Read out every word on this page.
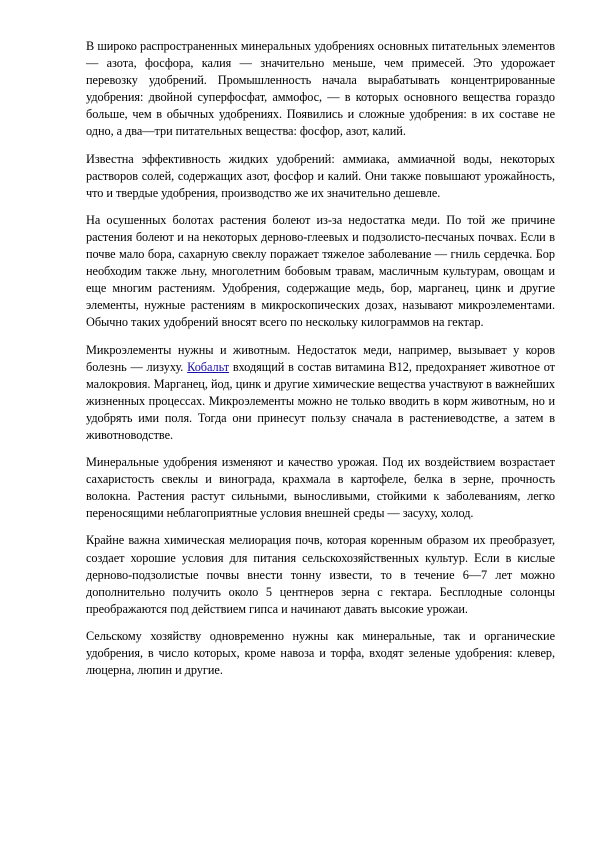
В широко распространенных минеральных удобрениях основных питательных элементов — азота, фосфора, калия — значительно меньше, чем примесей. Это удорожает перевозку удобрений. Промышленность начала вырабатывать концентрированные удобрения: двойной суперфосфат, аммофос, — в которых основного вещества гораздо больше, чем в обычных удобрениях. Появились и сложные удобрения: в их составе не одно, а два—три питательных вещества: фосфор, азот, калий.

Известна эффективность жидких удобрений: аммиака, аммиачной воды, некоторых растворов солей, содержащих азот, фосфор и калий. Они также повышают урожайность, что и твердые удобрения, производство же их значительно дешевле.

На осушенных болотах растения болеют из-за недостатка меди. По той же причине растения болеют и на некоторых дерново-глеевых и подзолисто-песчаных почвах. Если в почве мало бора, сахарную свеклу поражает тяжелое заболевание — гниль сердечка. Бор необходим также льну, многолетним бобовым травам, масличным культурам, овощам и еще многим растениям. Удобрения, содержащие медь, бор, марганец, цинк и другие элементы, нужные растениям в микроскопических дозах, называют микроэлементами. Обычно таких удобрений вносят всего по нескольку килограммов на гектар.

Микроэлементы нужны и животным. Недостаток меди, например, вызывает у коров болезнь — лизуху. Кобальт входящий в состав витамина В12, предохраняет животное от малокровия. Марганец, йод, цинк и другие химические вещества участвуют в важнейших жизненных процессах. Микроэлементы можно не только вводить в корм животным, но и удобрять ими поля. Тогда они принесут пользу сначала в растениеводстве, а затем в животноводстве.

Минеральные удобрения изменяют и качество урожая. Под их воздействием возрастает сахаристость свеклы и винограда, крахмала в картофеле, белка в зерне, прочность волокна. Растения растут сильными, выносливыми, стойкими к заболеваниям, легко переносящими неблагоприятные условия внешней среды — засуху, холод.

Крайне важна химическая мелиорация почв, которая коренным образом их преобразует, создает хорошие условия для питания сельскохозяйственных культур. Если в кислые дерново-подзолистые почвы внести тонну извести, то в течение 6—7 лет можно дополнительно получить около 5 центнеров зерна с гектара. Бесплодные солонцы преображаются под действием гипса и начинают давать высокие урожаи.

Сельскому хозяйству одновременно нужны как минеральные, так и органические удобрения, в число которых, кроме навоза и торфа, входят зеленые удобрения: клевер, люцерна, люпин и другие.
